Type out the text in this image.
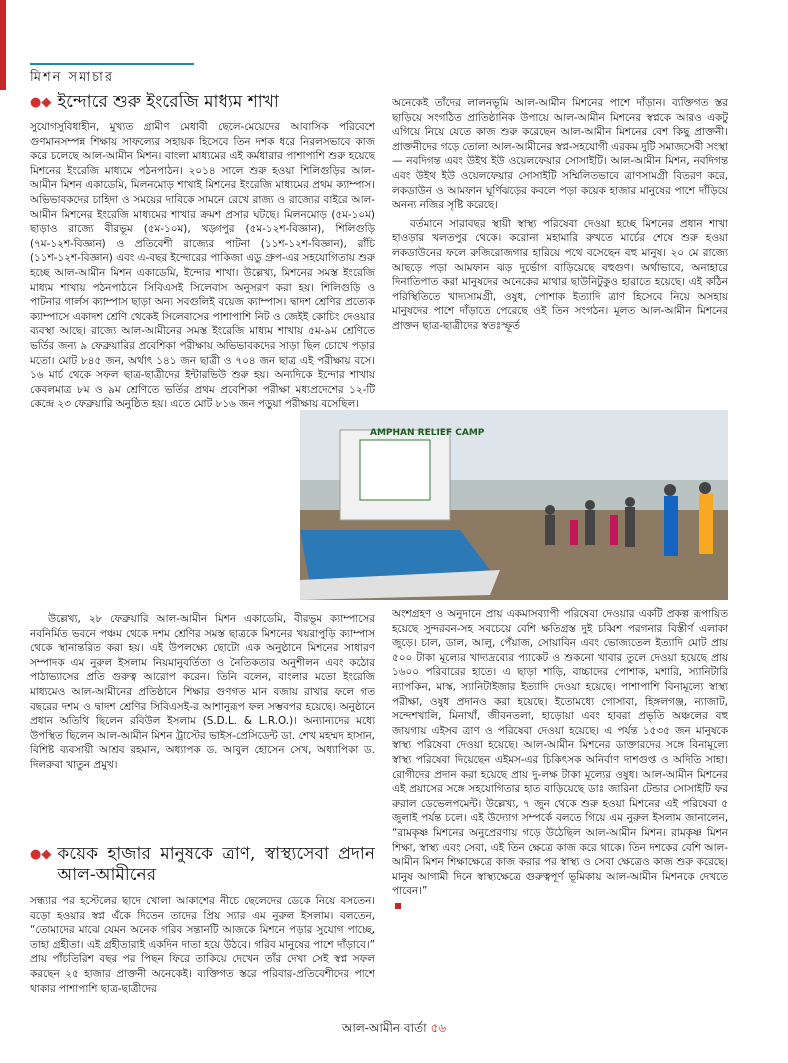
মিশন সমাচার
●◆ ইন্দোরে শুরু ইংরেজি মাধ্যম শাখা

সুযোগসুবিধাহীন, মুখ্যত গ্রামীণ মেধাবী ছেলে-মেয়েদের আবাসিক পরিবেশে গুণমানসম্পন্ন শিক্ষায় সাফল্যের সহায়ক হিসেবে তিন দশক ধরে নিরলসভাবে কাজ করে চলেছে আল-আমীন মিশন। বাংলা মাধ্যমের এই কর্মধারার পাশাপাশি শুরু হয়েছে মিশনের ইংরেজি মাধ্যমে পঠনপাঠন। ২০১৪ সালে শুরু হওয়া শিলিগুড়ির আল-আমীন মিশন একাডেমি, মিলনমোড় শাখাই মিশনের ইংরেজি মাধ্যমের প্রথম ক্যাম্পাস। অভিভাবকদের চাহিদা ও সময়ের দাবিকে সামনে রেখে রাজ্য ও রাজ্যের বাইরে আল-আমীন মিশনের ইংরেজি মাধ্যমের শাখার ক্রমশ প্রসার ঘটছে। মিলনমোড় (৫ম-১০ম) ছাড়াও রাজ্যে বীরভূম (৫ম-১০ম), খড়্গপুর (৫ম-১২শ-বিজ্ঞান), শিলিগুড়ি (৭ম-১২শ-বিজ্ঞান) ও প্রতিবেশী রাজ্যের পাটনা (১১শ-১২শ-বিজ্ঞান), রাঁচি (১১শ-১২শ-বিজ্ঞান) এবং এ-বছর ইন্দোরের পাকিজা এডু গ্রুপ-এর সহযোগিতায় শুরু হচ্ছে আল-আমীন মিশন একাডেমি, ইন্দোর শাখা। উল্লেখ্য, মিশনের সমস্ত ইংরেজি মাধ্যম শাখায় পঠনপাঠনে সিবিএসই সিলেবাস অনুসরণ করা হয়। শিলিগুড়ি ও পাটনার গার্লস ক্যাম্পাস ছাড়া অন্য সবগুলিই বয়েজ ক্যাম্পাস। দ্বাদশ শ্রেণির প্রত্যেক ক্যাম্পাসে একাদশ শ্রেণি থেকেই সিলেবাসের পাশাপাশি নিট ও জেইই কোচিং দেওয়ার ব্যবস্থা আছে। রাজ্যে আল-আমীনের সমস্ত ইংরেজি মাধ্যম শাখায় ৫ম-৯ম শ্রেণিতে ভর্তির জন্য ৯ ফেব্রুয়ারির প্রবেশিকা পরীক্ষায় অভিভাবকদের সাড়া ছিল চোখে পড়ার মতো। মোট ৮৪৫ জন, অর্থাৎ ১৪১ জন ছাত্রী ও ৭০৪ জন ছাত্র এই পরীক্ষায় বসে। ১৬ মার্চ থেকে সফল ছাত্র-ছাত্রীদের ইন্টারভিউ শুরু হয়। অন্যদিকে ইন্দোর শাখায় কেবলমাত্র ৮ম ও ৯ম শ্রেণিতে ভর্তির প্রথম প্রবেশিকা পরীক্ষা মধ্যপ্রদেশের ১২-টি কেন্দ্রে ২৩ ফেব্রুয়ারি অনুষ্ঠিত হয়। এতে মোট ৮১৬ জন পড়ুয়া পরীক্ষায় বসেছিল।

উল্লেখ্য, ২৮ ফেব্রুয়ারি আল-আমীন মিশন একাডেমি, বীরভূম ক্যাম্পাসের নবনির্মিত ভবনে পঞ্চম থেকে দশম শ্রেণির সমস্ত ছাত্রকে মিশনের খয়রাপুড়ি ক্যাম্পাস থেকে স্থানান্তরিত করা হয়। এই উপলক্ষ্যে ছোটো এক অনুষ্ঠানে মিশনের সাধারণ সম্পাদক এম নুরুল ইসলাম নিয়মানুবর্তিতা ও নৈতিকতার অনুশীলন এবং কঠোর পাঠাভ্যাসের প্রতি গুরুত্ব আরোপ করেন। তিনি বলেন, বাংলার মতো ইংরেজি মাধ্যমেও আল-আমীনের প্রতিষ্ঠানে শিক্ষার গুণগত মান বজায় রাখার ফলে গত বছরের দশম ও দ্বাদশ শ্রেণির সিবিএসই-র আশানুরূপ ফল সম্ভবপর হয়েছে। অনুষ্ঠানে প্রধান অতিথি ছিলেন রবিউল ইসলাম (S.D.L. & L.R.O.)। অন্যান্যদের মধ্যে উপস্থিত ছিলেন আল-আমীন মিশন ট্রাস্টের ভাইস-প্রেসিডেন্ট ডা. শেখ মহম্মদ হাসান, বিশিষ্ট ব্যবসায়ী আশ্রব রহমান, অধ্যাপক ড. আবুল হোসেন সেখ, অধ্যাপিকা ড. দিলরুবা খাতুন প্রমুখ।

●◆ কয়েক হাজার মানুষকে ত্রাণ, স্বাস্থ্যসেবা প্রদান আল-আমীনের

সন্ধ্যার পর হস্টেলের ছাদে খোলা আকাশের নীচে ছেলেদের ডেকে নিয়ে বসতেন। বড়ো হওয়ার স্বপ্ন এঁকে দিতেন তাদের প্রিয় স্যার এম নুরুল ইসলাম। বলতেন, “তোমাদের মাঝে যেমন অনেক গরিব সন্তানটি আজকে মিশনে পড়ার সুযোগ পাচ্ছে, তাহা গ্রহীতা। এই গ্রহীতারাই একদিন দাতা হয়ে উঠবে। গরিব মানুষের পাশে দাঁড়াবে।” প্রায় পাঁচতিরিশ বছর পর পিছন ফিরে তাকিয়ে দেখেন তাঁর দেখা সেই স্বপ্ন সফল করছেন ২৫ হাজার প্রাক্তনী অনেকেই। ব্যক্তিগত স্তরে পরিবার-প্রতিবেশীদের পাশে থাকার পাশাপাশি ছাত্র-ছাত্রীদের

অনেকেই তাঁদের লালনভূমি আল-আমীন মিশনের পাশে দাঁড়ান। ব্যক্তিগত স্তর ছাড়িয়ে সংগঠিত প্রাতিষ্ঠানিক উপায়ে আল-আমীন মিশনের স্বপ্নকে আরও একটু এগিয়ে নিয়ে যেতে কাজ শুরু করেছেন আল-আমীন মিশনের বেশ কিছু প্রাক্তনী। প্রাক্তনীদের গড়ে তোলা আল-আমীনের স্বপ্ন-সহযোগী এরকম দুটি সমাজসেবী সংস্থা— নবদিগন্ত এবং উইথ ইউ ওয়েলফেয়ার সোসাইটি। আল-আমীন মিশন, নবদিগন্ত এবং উইথ ইউ ওয়েলফেয়ার সোসাইটি সম্মিলিতভাবে ত্রাণসামগ্রী বিতরণ করে, লকডাউন ও আমফান ঘূর্ণিঝড়ের কবলে পড়া কয়েক হাজার মানুষের পাশে দাঁড়িয়ে অনন্য নজির সৃষ্টি করেছে।

বর্তমানে সারাবছর স্থায়ী স্বাস্থ্য পরিষেবা দেওয়া হচ্ছে মিশনের প্রধান শাখা হাওড়ার খলতপুর থেকে। করোনা মহামারি রুখতে মার্চের শেষে শুরু হওয়া লকডাউনের ফলে রুজিরোজগার হারিয়ে পথে বসেছেন বহু মানুষ। ২০ মে রাজ্যে আছড়ে পড়া আমফান ঝড় দুর্ভোগ বাড়িয়েছে বহুগুণ। অর্থাভাবে, অনাহারে দিনাতিপাত করা মানুষদের অনেকের মাথার ছাউনিটুকুও হারাতে হয়েছে। এই কঠিন পরিস্থিতিতে খাদ্যসামগ্রী, ওষুধ, পোশাক ইত্যাদি ত্রাণ হিসেবে নিয়ে অসহায় মানুষদের পাশে দাঁড়াতে পেরেছে ওই তিন সংগঠন। মূলত আল-আমীন মিশনের প্রাক্তন ছাত্র-ছাত্রীদের স্বতঃস্ফূর্ত

AMPHAN RELIEF CAMP

অংশগ্রহণ ও অনুদানে প্রায় একমাসব্যাপী পরিষেবা দেওয়ার একটি প্রকল্প রূপায়িত হয়েছে সুন্দরবন-সহ সবচেয়ে বেশি ক্ষতিগ্রস্ত দুই চব্বিশ পরগনার বিস্তীর্ণ এলাকা জুড়ে। চাল, ডাল, আলু, পেঁয়াজ, সোয়াবিন এবং ভোজ্যতেল ইত্যাদি মোট প্রায় ৫০০ টাকা মূল্যের খাদ্যদ্রব্যের প্যাকেট ও শুকনো খাবার তুলে দেওয়া হয়েছে প্রায় ১৬০০ পরিবারের হাতে। এ ছাড়া শাড়ি, বাচ্চাদের পোশাক, মশারি, স্যানিটারি ন্যাপকিন, মাস্ক, স্যানিটাইজার ইত্যাদি দেওয়া হয়েছে। পাশাপাশি বিনামূল্যে স্বাস্থ্য পরীক্ষা, ওষুধ প্রদানও করা হয়েছে। ইতোমধ্যে গোসাবা, হিঙ্গলগঞ্জ, ন্যাজাট, সন্দেশখালি, মিনাখাঁ, জীবনতলা, হাড়োয়া এবং হাবরা প্রভৃতি অঞ্চলের বহু জায়গায় এইসব ত্রাণ ও পরিষেবা দেওয়া হয়েছে। এ পর্যন্ত ১৫৩৫ জন মানুষকে স্বাস্থ্য পরিষেবা দেওয়া হয়েছে। আল-আমীন মিশনের ডাক্তারদের সঙ্গে বিনামূল্যে স্বাস্থ্য পরিষেবা দিয়েছেন এইমস-এর চিকিৎসক অনির্বাণ দাশগুপ্ত ও অদিতি সাহা। রোগীদের প্রদান করা হয়েছে প্রায় দু-লক্ষ টাকা মূল্যের ওষুধ। আল-আমীন মিশনের এই প্রয়াসের সঙ্গে সহযোগিতার হাত বাড়িয়েছে ডাঃ জারিনা টেন্ডার সোসাইটি ফর রুরাল ডেভেলপমেন্ট। উল্লেখ্য, ৭ জুন থেকে শুরু হওয়া মিশনের এই পরিষেবা ৫ জুলাই পর্যন্ত চলে। এই উদ্যোগ সম্পর্কে বলতে গিয়ে এম নুরুল ইসলাম জানালেন, “রামকৃষ্ণ মিশনের অনুপ্রেরণায় গড়ে উঠেছিল আল-আমীন মিশন। রামকৃষ্ণ মিশন শিক্ষা, স্বাস্থ্য এবং সেবা, এই তিন ক্ষেত্রে কাজ করে থাকে। তিন দশকের বেশি আল-আমীন মিশন শিক্ষাক্ষেত্রে কাজ করার পর স্বাস্থ্য ও সেবা ক্ষেত্রেও কাজ শুরু করেছে। মানুষ আগামী দিনে স্বাস্থ্যক্ষেত্রে গুরুত্বপূর্ণ ভূমিকায় আল-আমীন মিশনকে দেখতে পাবেন।”

আল-আমীন বার্তা ৫৬
